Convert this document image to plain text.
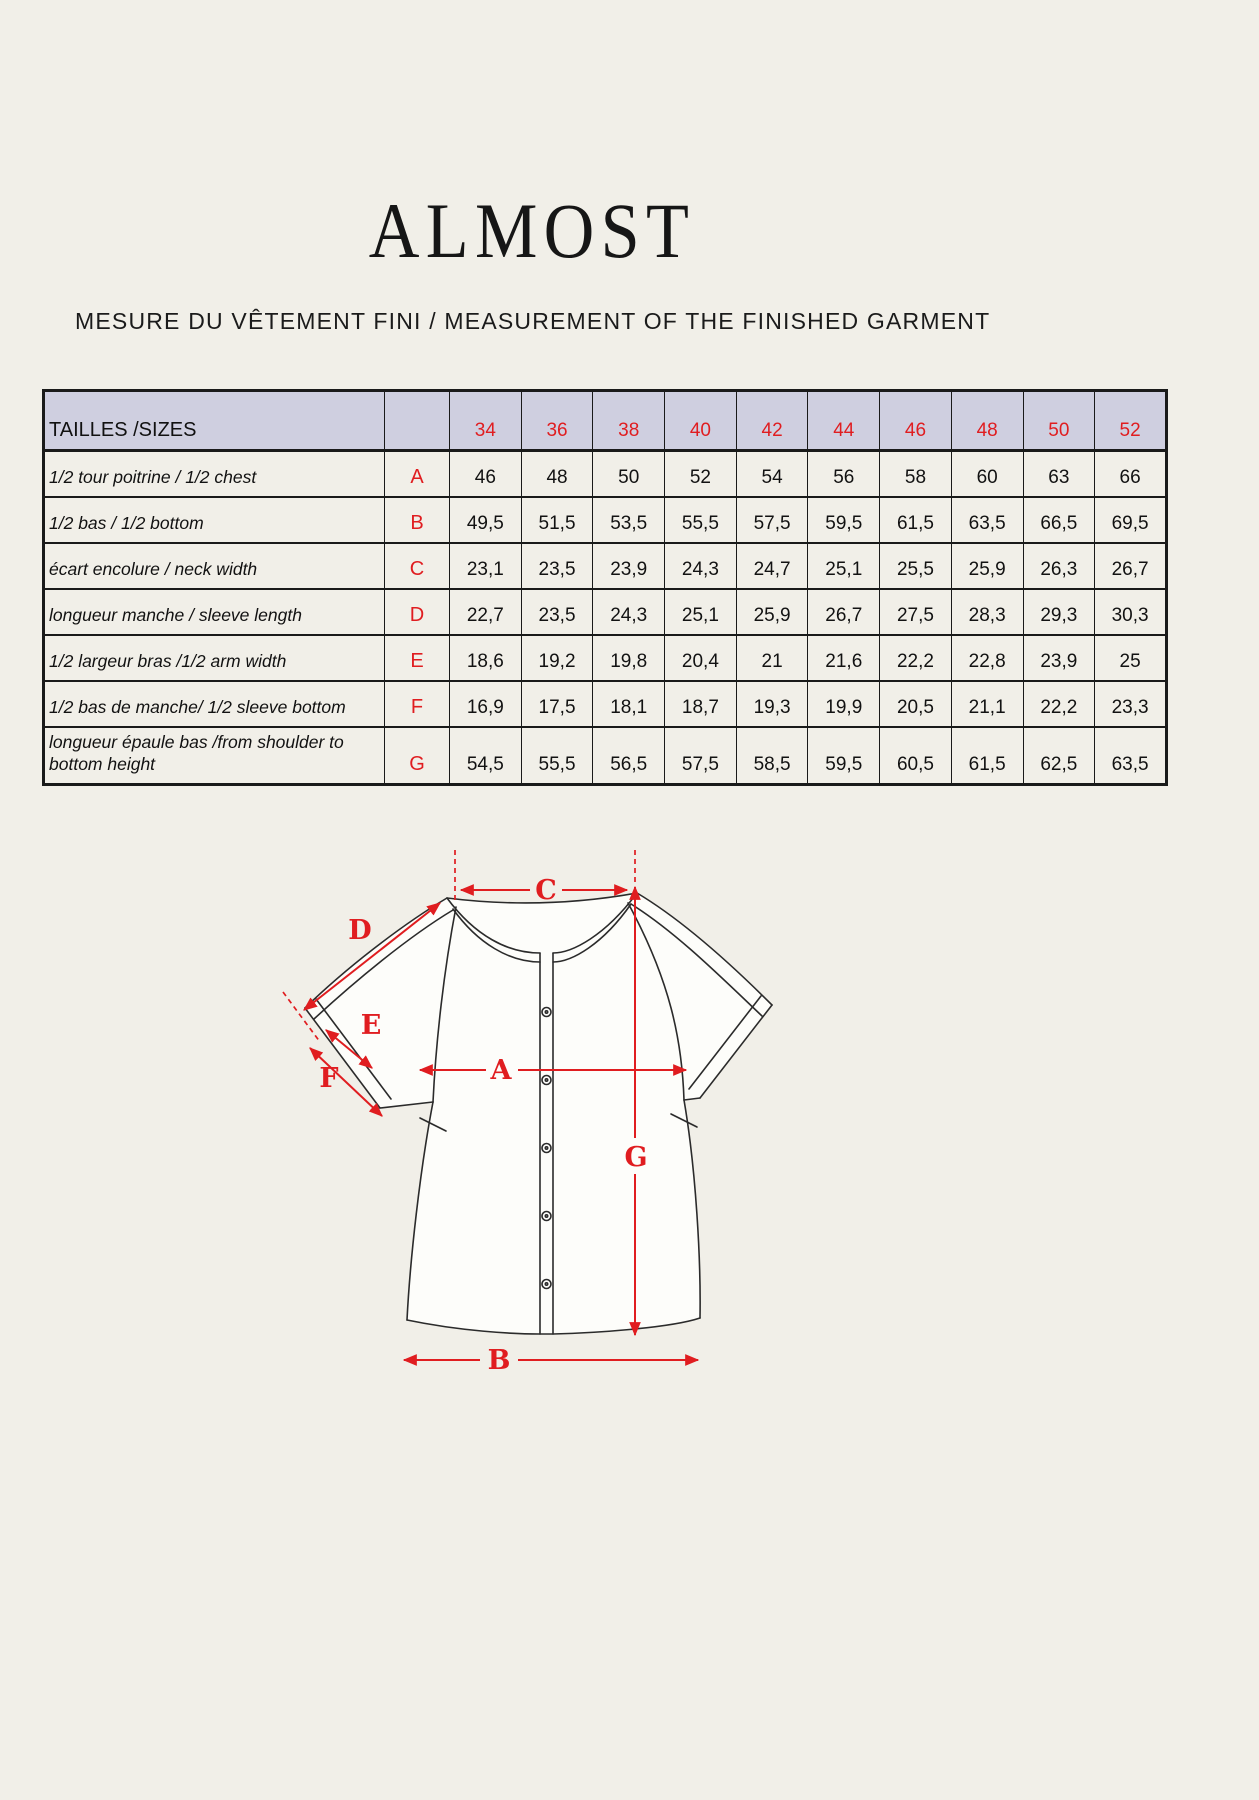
ALMOST
MESURE DU VÊTEMENT FINI / MEASUREMENT OF THE FINISHED GARMENT
TAILLES /SIZES		34	36	38	40	42	44	46	48	50	52
1/2 tour poitrine / 1/2 chest	A	46	48	50	52	54	56	58	60	63	66
1/2 bas / 1/2 bottom	B	49,5	51,5	53,5	55,5	57,5	59,5	61,5	63,5	66,5	69,5
écart encolure / neck width	C	23,1	23,5	23,9	24,3	24,7	25,1	25,5	25,9	26,3	26,7
longueur manche / sleeve length	D	22,7	23,5	24,3	25,1	25,9	26,7	27,5	28,3	29,3	30,3
1/2 largeur bras /1/2 arm width	E	18,6	19,2	19,8	20,4	21	21,6	22,2	22,8	23,9	25
1/2 bas de manche/ 1/2 sleeve bottom	F	16,9	17,5	18,1	18,7	19,3	19,9	20,5	21,1	22,2	23,3
longueur épaule bas /from shoulder to bottom height	G	54,5	55,5	56,5	57,5	58,5	59,5	60,5	61,5	62,5	63,5
C
D
E
F	A
G
B
